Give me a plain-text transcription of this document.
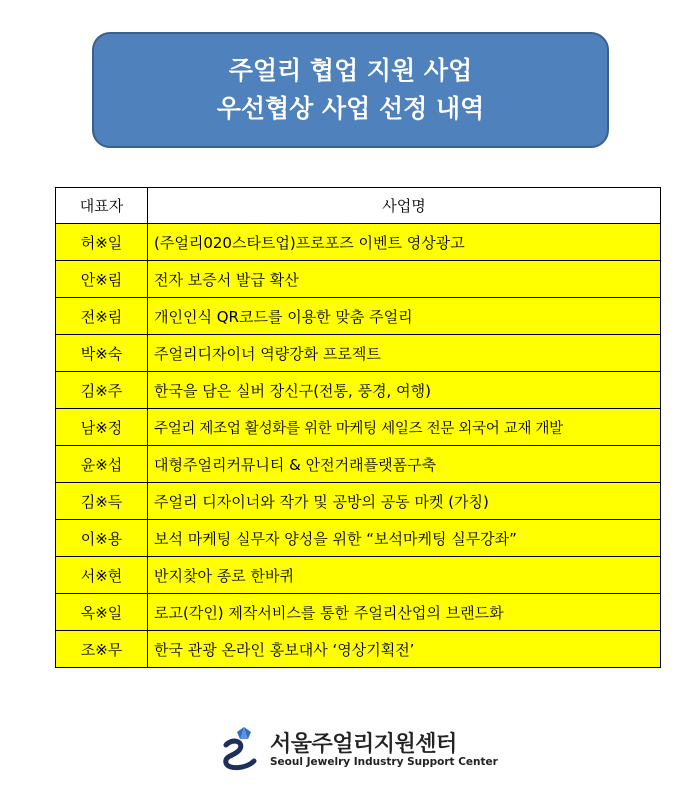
주얼리 협업 지원 사업
우선협상 사업 선정 내역
대표자	사업명
허※일	(주얼리020스타트업)프로포즈 이벤트 영상광고
안※림	전자 보증서 발급 확산
전※림	개인인식 QR코드를 이용한 맞춤 주얼리
박※숙	주얼리디자이너 역량강화 프로젝트
김※주	한국을 담은 실버 장신구(전통, 풍경, 여행)
남※정	주얼리 제조업 활성화를 위한 마케팅 세일즈 전문 외국어 교재 개발
윤※섭	대형주얼리커뮤니티 & 안전거래플랫폼구축
김※득	주얼리 디자이너와 작가 및 공방의 공동 마켓 (가칭)
이※용	보석 마케팅 실무자 양성을 위한 “보석마케팅 실무강좌”
서※현	반지찾아 종로 한바퀴
옥※일	로고(각인) 제작서비스를 통한 주얼리산업의 브랜드화
조※무	한국 관광 온라인 홍보대사 ‘영상기획전’
서울주얼리지원센터
Seoul Jewelry Industry Support Center
